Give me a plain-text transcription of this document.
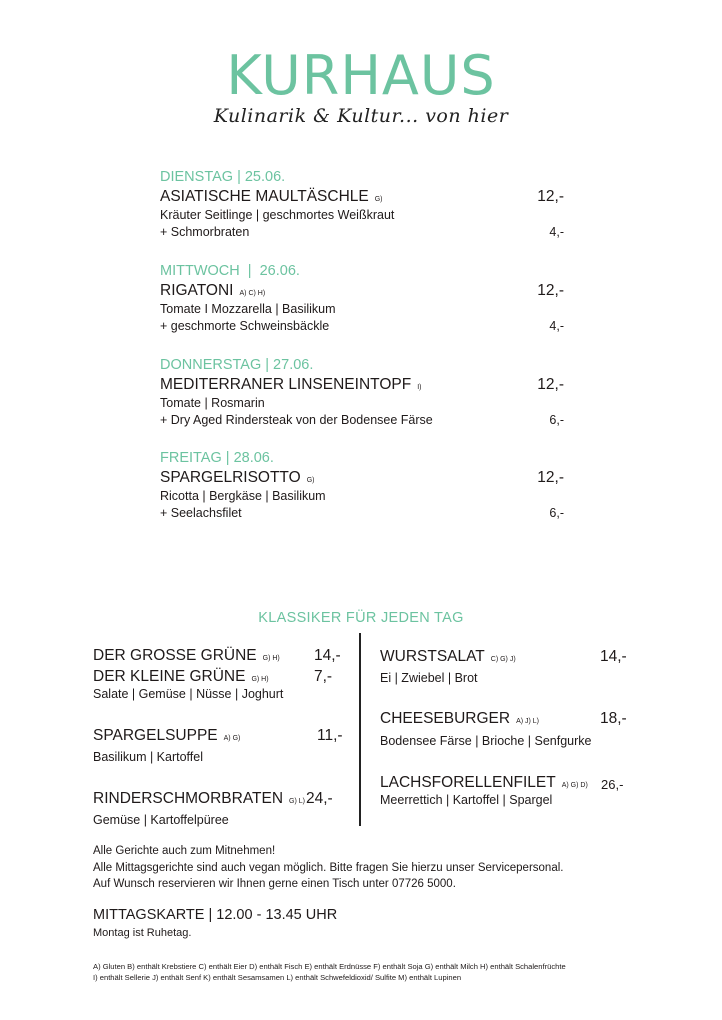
KURHAUS
Kulinarik & Kultur... von hier
DIENSTAG | 25.06.
ASIATISCHE MAULTÄSCHLE G)	12,-
Kräuter Seitlinge | geschmortes Weißkraut
+ Schmorbraten	4,-
MITTWOCH  |  26.06.
RIGATONI A) C) H)	12,-
Tomate I Mozzarella | Basilikum
+ geschmorte Schweinsbäckle	4,-
DONNERSTAG | 27.06.
MEDITERRANER LINSENEINTOPF I)	12,-
Tomate | Rosmarin
+ Dry Aged Rindersteak von der Bodensee Färse	6,-
FREITAG | 28.06.
SPARGELRISOTTO G)	12,-
Ricotta | Bergkäse | Basilikum
+ Seelachsfilet	6,-
KLASSIKER FÜR JEDEN TAG
DER GROSSE GRÜNE G) H) 14,-
DER KLEINE GRÜNE G) H)	7,-
Salate | Gemüse | Nüsse | Joghurt
SPARGELSUPPE A) G)	11,-
Basilikum | Kartoffel
RINDERSCHMORBRATEN G) L) 24,-
Gemüse | Kartoffelpüree
WURSTSALAT C) G) J)	14,-
Ei | Zwiebel | Brot
CHEESEBURGER A) J) L)	18,-
Bodensee Färse | Brioche | Senfgurke
LACHSFORELLENFILET A) G) D) 26,-
Meerrettich | Kartoffel | Spargel
Alle Gerichte auch zum Mitnehmen!
Alle Mittagsgerichte sind auch vegan möglich. Bitte fragen Sie hierzu unser Servicepersonal.
Auf Wunsch reservieren wir Ihnen gerne einen Tisch unter 07726 5000.
MITTAGSKARTE | 12.00 - 13.45 UHR
Montag ist Ruhetag.
A) Gluten B) enthält Krebstiere C) enthält Eier D) enthält Fisch E) enthält Erdnüsse F) enthält Soja G) enthält Milch H) enthält Schalenfrüchte
I) enthält Sellerie J) enthält Senf K) enthält Sesamsamen L) enthält Schwefeldioxid/ Sulfite M) enthält Lupinen
